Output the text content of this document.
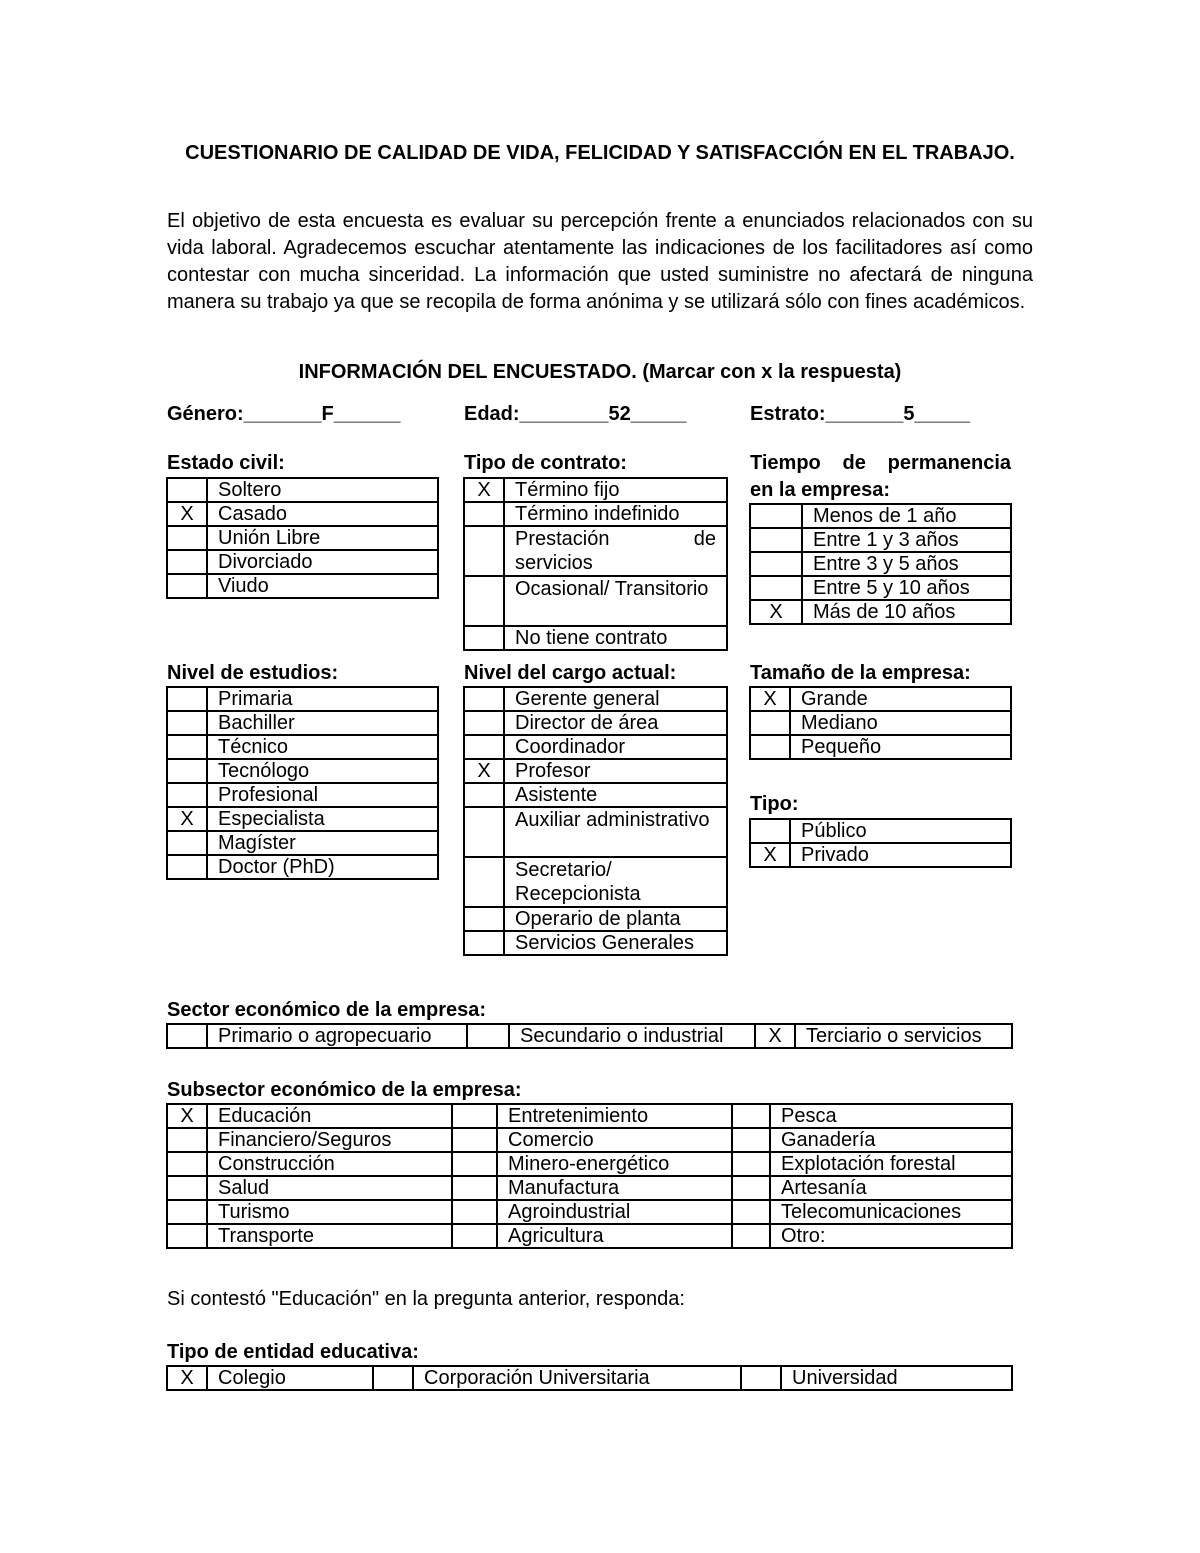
CUESTIONARIO DE CALIDAD DE VIDA, FELICIDAD Y SATISFACCIÓN EN EL TRABAJO.
El objetivo de esta encuesta es evaluar su percepción frente a enunciados relacionados con su vida laboral. Agradecemos escuchar atentamente las indicaciones de los facilitadores así como contestar con mucha sinceridad. La información que usted suministre no afectará de ninguna manera su trabajo ya que se recopila de forma anónima y se utilizará sólo con fines académicos.
INFORMACIÓN DEL ENCUESTADO. (Marcar con x la respuesta)
Género:_______F______	Edad:________52_____	Estrato:_______5_____
Estado civil:
	Soltero
X	Casado
	Unión Libre
	Divorciado
	Viudo
Tipo de contrato:
X	Término fijo
	Término indefinido
	Prestación de servicios
	Ocasional/ Transitorio
	No tiene contrato
Tiempo de permanencia
en la empresa:
	Menos de 1 año
	Entre 1 y 3 años
	Entre 3 y 5 años
	Entre 5 y 10 años
X	Más de 10 años
Nivel de estudios:
	Primaria
	Bachiller
	Técnico
	Tecnólogo
	Profesional
X	Especialista
	Magíster
	Doctor (PhD)
Nivel del cargo actual:
	Gerente general
	Director de área
	Coordinador
X	Profesor
	Asistente
	Auxiliar administrativo
	Secretario/ Recepcionista
	Operario de planta
	Servicios Generales
Tamaño de la empresa:
X	Grande
	Mediano
	Pequeño
Tipo:
	Público
X	Privado
Sector económico de la empresa:
	Primario o agropecuario		Secundario o industrial	X	Terciario o servicios
Subsector económico de la empresa:
X	Educación		Entretenimiento		Pesca
	Financiero/Seguros		Comercio		Ganadería
	Construcción		Minero-energético		Explotación forestal
	Salud		Manufactura		Artesanía
	Turismo		Agroindustrial		Telecomunicaciones
	Transporte		Agricultura		Otro:
Si contestó "Educación" en la pregunta anterior, responda:
Tipo de entidad educativa:
X	Colegio		Corporación Universitaria		Universidad
